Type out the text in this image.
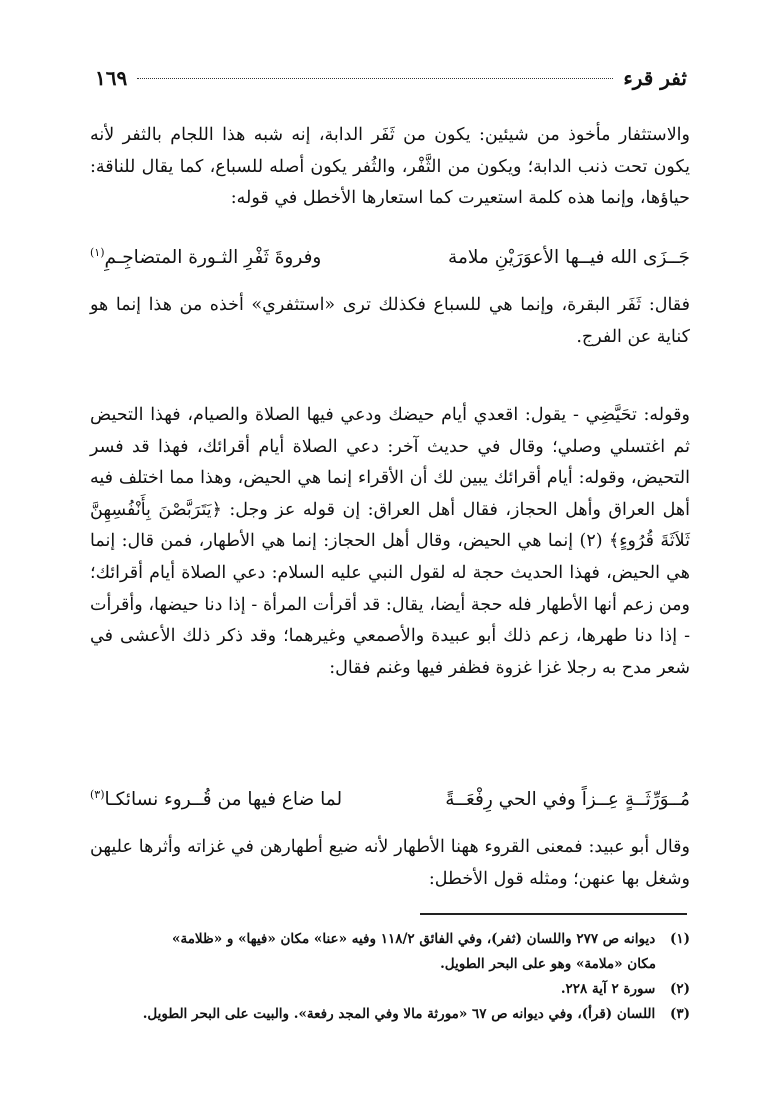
ثفر قرء
١٦٩

والاستثفار مأخوذ من شيئين: يكون من ثَفَر الدابة، إنه شبه هذا اللجام بالثفر لأنه يكون تحت ذنب الدابة؛ ويكون من الثَّفْر، والثُفر يكون أصله للسباع، كما يقال للناقة: حياؤها، وإنما هذه كلمة استعيرت كما استعارها الأخطل في قوله:

جَــزَى الله فيــها الأعوَرَيْنِ ملامة
وفروةَ ثَفْرِ الثـورة المتضاجِـمِ$^{(١)}$

فقال: ثَفَر البقرة، وإنما هي للسباع فكذلك ترى «استثفري» أخذه من هذا إنما هو كناية عن الفرج.

وقوله: تحَيَّضِي - يقول: اقعدي أيام حيضك ودعي فيها الصلاة والصيام، فهذا التحيض ثم اغتسلي وصلي؛ وقال في حديث آخر: دعي الصلاة أيام أقرائك، فهذا قد فسر التحيض، وقوله: أيام أقرائك يبين لك أن الأقراء إنما هي الحيض، وهذا مما اختلف فيه أهل العراق وأهل الحجاز، فقال أهل العراق: إن قوله عز وجل: ﴿يَتَرَبَّصْنَ بِأَنْفُسِهِنَّ ثَلاَثَةَ قُرُوءٍ﴾ (٢) إنما هي الحيض، وقال أهل الحجاز: إنما هي الأطهار، فمن قال: إنما هي الحيض، فهذا الحديث حجة له لقول النبي عليه السلام: دعي الصلاة أيام أقرائك؛ ومن زعم أنها الأطهار فله حجة أيضا، يقال: قد أقرأت المرأة - إذا دنا حيضها، وأقرأت - إذا دنا طهرها، زعم ذلك أبو عبيدة والأصمعي وغيرهما؛ وقد ذكر ذلك الأعشى في شعر مدح به رجلا غزا غزوة فظفر فيها وغنم فقال:

مُــوَرِّثَــةٍ عِــزاً وفي الحي رِفْعَــةً
لما ضاع فيها من قُــروء نسائكـا$^{(٣)}$

وقال أبو عبيد: فمعنى القروء ههنا الأطهار لأنه ضيع أطهارهن في غزاته وأثرها عليهن وشغل بها عنهن؛ ومثله قول الأخطل:

(١) ديوانه ص ٢٧٧ واللسان (ثفر)، وفي الفائق ١١٨/٢ وفيه «عنا» مكان «فيها» و «ظلامة»
مكان «ملامة» وهو على البحر الطويل.
(٢) سورة ٢ آية ٢٢٨.
(٣) اللسان (قرأ)، وفي ديوانه ص ٦٧ «مورثة مالا وفي المجد رفعة». والبيت على البحر الطويل.
